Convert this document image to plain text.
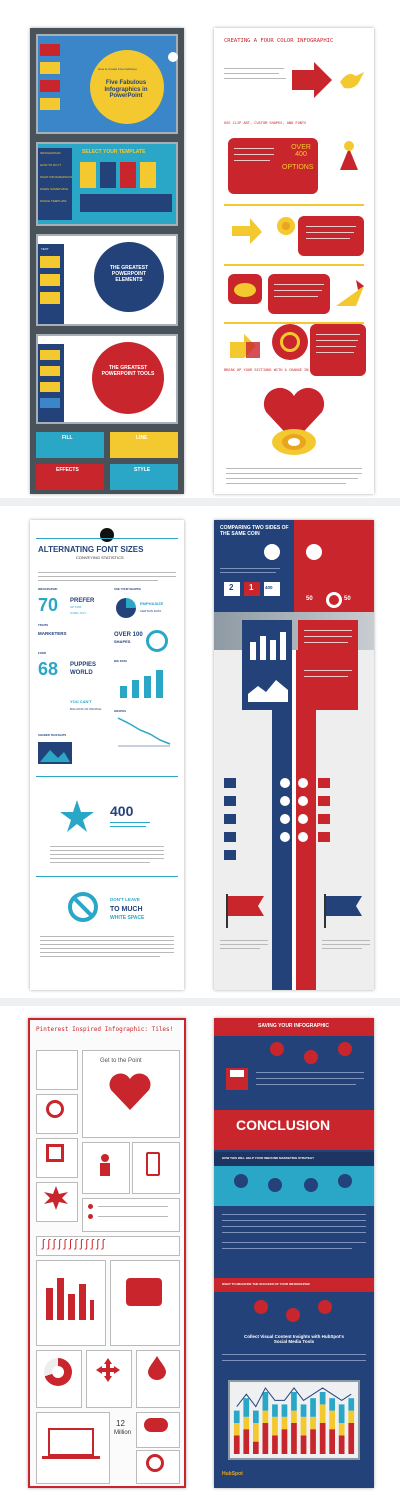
How to Create Five Fabulous
Five Fabulous Infographics in PowerPoint
INFOGRAPHIC
HOW TO DO IT
WHAT INFOGRAPHICS
WHEN SOMETHING
WHICH TEMPLATE
SELECT YOUR TEMPLATE
TEXT
THE GREATEST POWERPOINT ELEMENTS
THE GREATEST POWERPOINT TOOLS
FILL	LINE
EFFECTS	STYLE
CREATING A FOUR COLOR INFOGRAPHIC
USE CLIP ART, CUSTOM SHAPES, AND FONTS
OVER 400
OPTIONS
BREAK UP YOUR SECTIONS WITH A CHANGE IN STYLE
ALTERNATING FONT SIZES
CONVEYING STATISTICS
INFOGRAPHIC	USE YOUR SHAPES
70 PREFER
UP FOR
OVER JULY
EMPHASIZE
CERTAIN DATA
TRAITS
MARKETERS	OVER 100
SHAPES
FOOD
68 PUPPIES
WORLD
BIG DATA
YOU CAN'T
BILLIONS OF PEOPLE	GRAPHS
SHADED THOUGHTS
400
DON'T LEAVE
TO MUCH
WHITE SPACE
COMPARING TWO SIDES OF THE SAME COIN
2 1	400
50	50
Pinterest Inspired Infographic: Tiles!
Get to the Point
ʃʃʃʃʃʃʃʃʃʃʃʃ
12
Million
SAVING YOUR INFOGRAPHIC
CONCLUSION
HOW THIS WILL HELP YOUR INBOUND MARKETING STRATEGY
WHAT TO MEASURE THE SUCCESS OF YOUR INFOGRAPHIC
Collect Visual Content Insights with HubSpot's Social Media Tools
HubSpot
